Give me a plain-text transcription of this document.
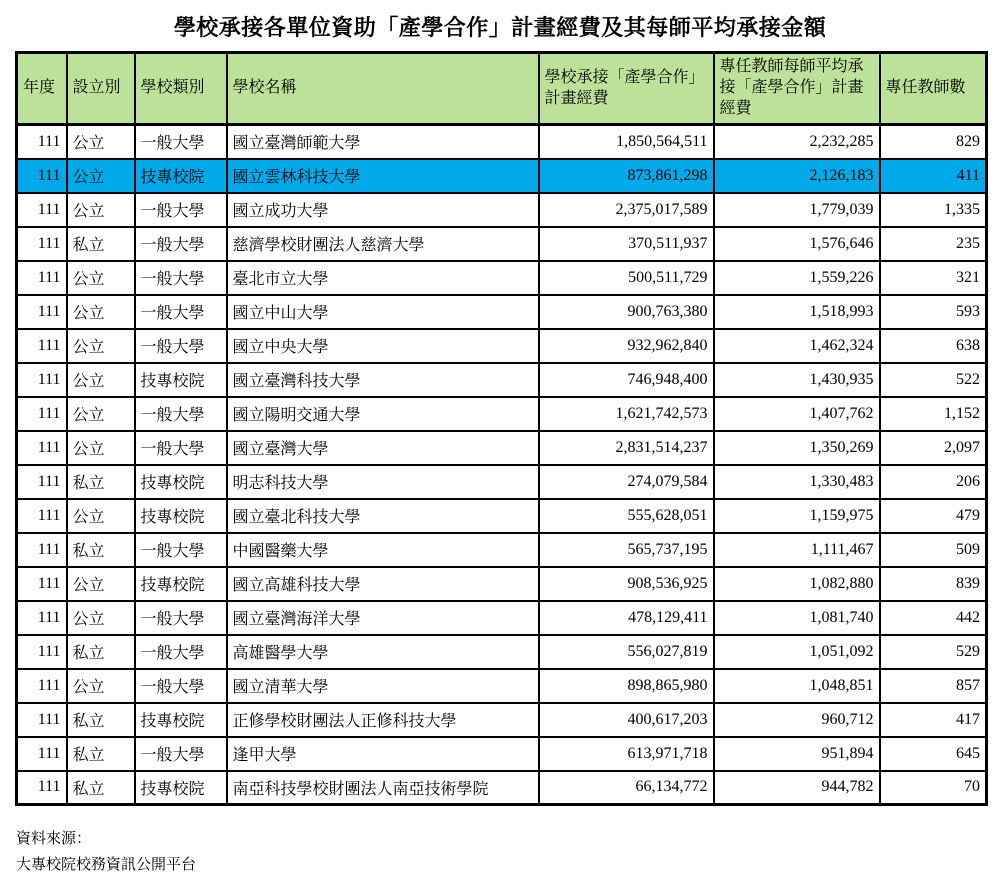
學校承接各單位資助「產學合作」計畫經費及其每師平均承接金額
年度	設立別	學校類別	學校名稱	學校承接「產學合作」計畫經費	專任教師每師平均承接「產學合作」計畫經費	專任教師數
111	公立	一般大學	國立臺灣師範大學	1,850,564,511	2,232,285	829
111	公立	技專校院	國立雲林科技大學	873,861,298	2,126,183	411
111	公立	一般大學	國立成功大學	2,375,017,589	1,779,039	1,335
111	私立	一般大學	慈濟學校財團法人慈濟大學	370,511,937	1,576,646	235
111	公立	一般大學	臺北市立大學	500,511,729	1,559,226	321
111	公立	一般大學	國立中山大學	900,763,380	1,518,993	593
111	公立	一般大學	國立中央大學	932,962,840	1,462,324	638
111	公立	技專校院	國立臺灣科技大學	746,948,400	1,430,935	522
111	公立	一般大學	國立陽明交通大學	1,621,742,573	1,407,762	1,152
111	公立	一般大學	國立臺灣大學	2,831,514,237	1,350,269	2,097
111	私立	技專校院	明志科技大學	274,079,584	1,330,483	206
111	公立	技專校院	國立臺北科技大學	555,628,051	1,159,975	479
111	私立	一般大學	中國醫藥大學	565,737,195	1,111,467	509
111	公立	技專校院	國立高雄科技大學	908,536,925	1,082,880	839
111	公立	一般大學	國立臺灣海洋大學	478,129,411	1,081,740	442
111	私立	一般大學	高雄醫學大學	556,027,819	1,051,092	529
111	公立	一般大學	國立清華大學	898,865,980	1,048,851	857
111	私立	技專校院	正修學校財團法人正修科技大學	400,617,203	960,712	417
111	私立	一般大學	逢甲大學	613,971,718	951,894	645
111	私立	技專校院	南亞科技學校財團法人南亞技術學院	66,134,772	944,782	70
資料來源：
大專校院校務資訊公開平台
